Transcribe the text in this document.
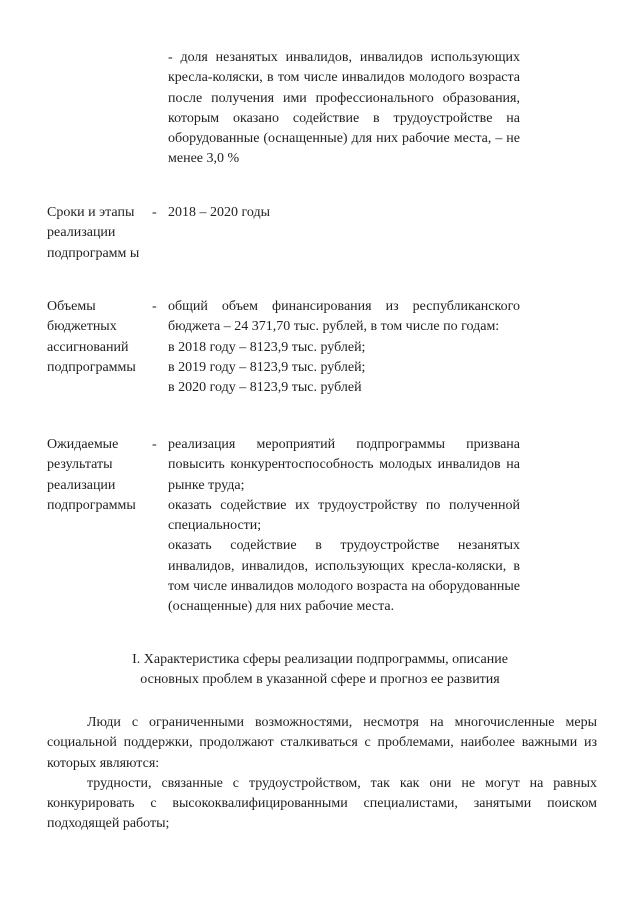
- доля незанятых инвалидов, инвалидов использующих кресла-коляски, в том числе инвалидов молодого возраста после получения ими профессионального образования, которым оказано содействие в трудоустройстве на оборудованные (оснащенные) для них рабочие места, – не менее 3,0 %
Сроки и этапы реализации подпрограмм ы
- 2018 – 2020 годы

Объемы бюджетных ассигнований подпрограммы
- общий объем финансирования из республиканского бюджета – 24 371,70 тыс. рублей, в том числе по годам:

в 2018 году – 8123,9 тыс. рублей;

в 2019 году – 8123,9 тыс. рублей;

в 2020 году – 8123,9 тыс. рублей

Ожидаемые результаты реализации подпрограммы
- реализация мероприятий подпрограммы призвана повысить конкурентоспособность молодых инвалидов на рынке труда;

оказать содействие их трудоустройству по полученной специальности;

оказать содействие в трудоустройстве незанятых инвалидов, инвалидов, использующих кресла-коляски, в том числе инвалидов молодого возраста на оборудованные (оснащенные) для них рабочие места.

I. Характеристика сферы реализации подпрограммы, описание
основных проблем в указанной сфере и прогноз ее развития

Люди с ограниченными возможностями, несмотря на многочисленные меры социальной поддержки, продолжают сталкиваться с проблемами, наиболее важными из которых являются:

трудности, связанные с трудоустройством, так как они не могут на равных конкурировать с высококвалифицированными специалистами, занятыми поиском подходящей работы;
